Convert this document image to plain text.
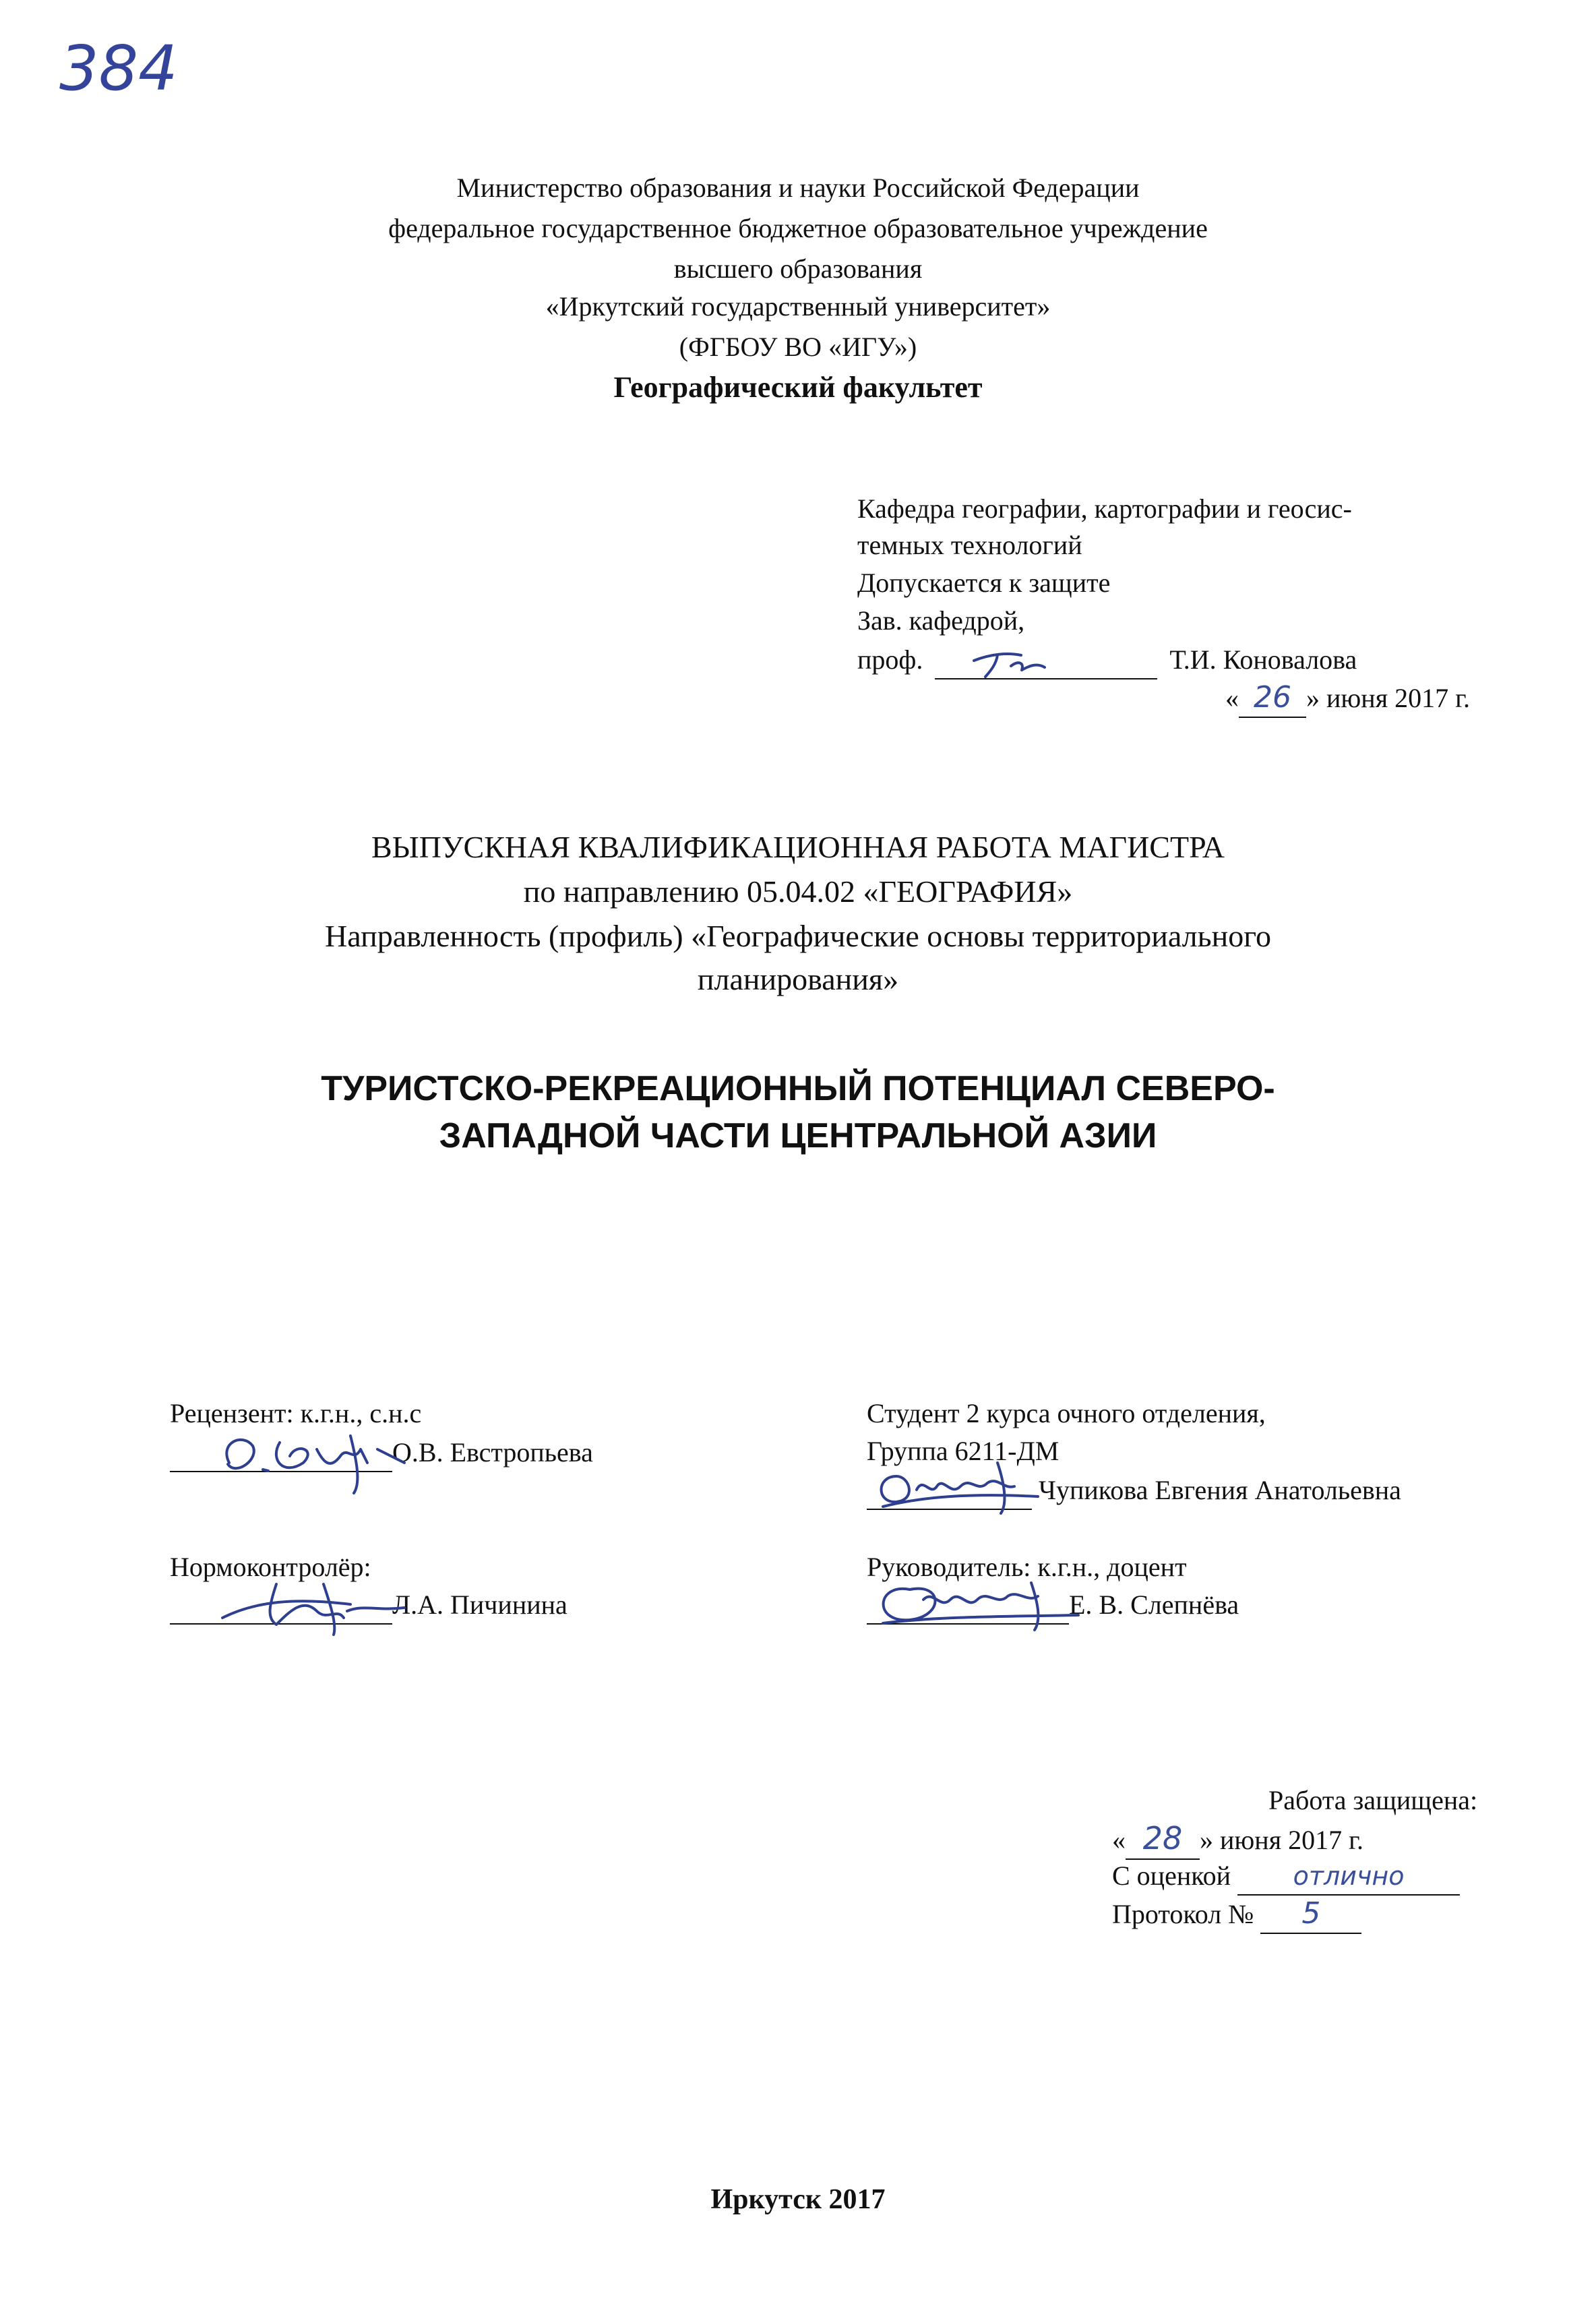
384
Министерство образования и науки Российской Федерации
федеральное государственное бюджетное образовательное учреждение
высшего образования
«Иркутский государственный университет»
(ФГБОУ ВО «ИГУ»)
Географический факультет
Кафедра географии, картографии и геосис-
темных технологий
Допускается к защите
Зав. кафедрой,
проф.	Т.И. Коновалова
« 26 » июня 2017 г.
ВЫПУСКНАЯ КВАЛИФИКАЦИОННАЯ РАБОТА МАГИСТРА
по направлению 05.04.02 «ГЕОГРАФИЯ»
Направленность (профиль) «Географические основы территориального
планирования»
ТУРИСТСКО-РЕКРЕАЦИОННЫЙ ПОТЕНЦИАЛ СЕВЕРО-
ЗАПАДНОЙ ЧАСТИ ЦЕНТРАЛЬНОЙ АЗИИ
Рецензент: к.г.н., с.н.с
О.В. Евстропьева
Нормоконтролёр:
Л.А. Пичинина
Студент 2 курса очного отделения,
Группа 6211-ДМ
Чупикова Евгения Анатольевна
Руководитель: к.г.н., доцент
Е. В. Слепнёва
Работа защищена:
« 28 » июня 2017 г.
С оценкой отлично
Протокол № 5
Иркутск 2017
